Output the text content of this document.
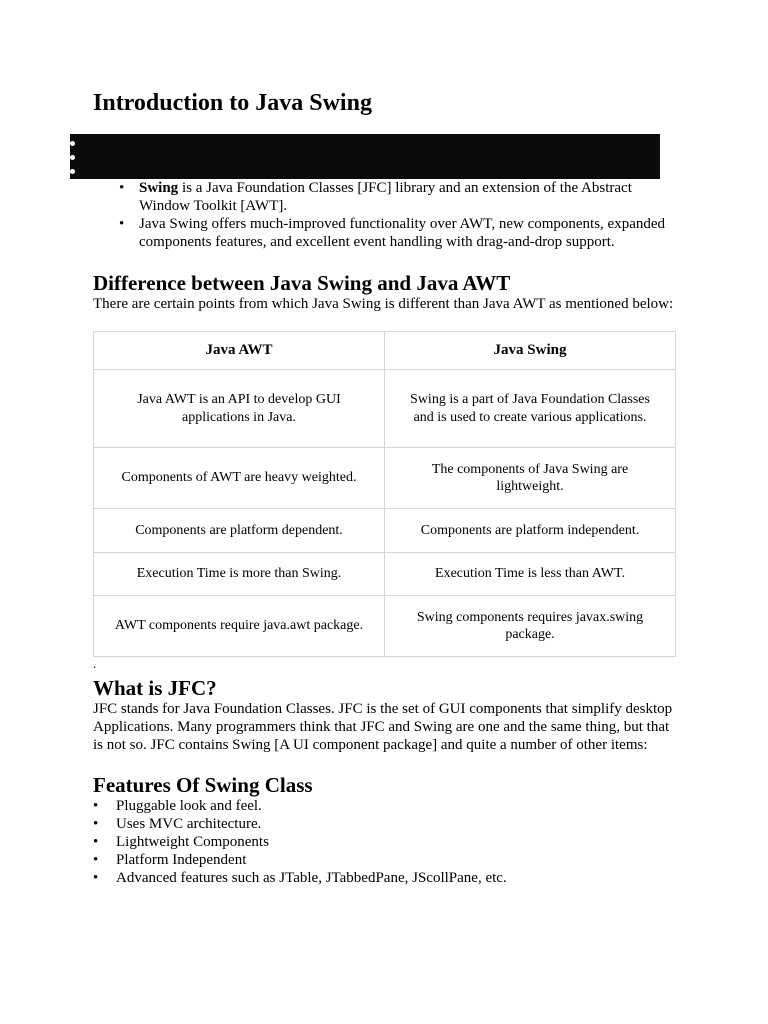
Introduction to Java Swing
• Swing is a Java Foundation Classes [JFC] library and an extension of the Abstract Window Toolkit [AWT].
• Java Swing offers much-improved functionality over AWT, new components, expanded components features, and excellent event handling with drag-and-drop support.
Difference between Java Swing and Java AWT

There are certain points from which Java Swing is different than Java AWT as mentioned below:

Java AWT	Java Swing
Java AWT is an API to develop GUI applications in Java.	Swing is a part of Java Foundation Classes and is used to create various applications.
Components of AWT are heavy weighted.	The components of Java Swing are lightweight.
Components are platform dependent.	Components are platform independent.
Execution Time is more than Swing.	Execution Time is less than AWT.
AWT components require java.awt package.	Swing components requires javax.swing package.
.
What is JFC?

JFC stands for Java Foundation Classes. JFC is the set of GUI components that simplify desktop Applications. Many programmers think that JFC and Swing are one and the same thing, but that is not so. JFC contains Swing [A UI component package] and quite a number of other items:

Features Of Swing Class
• Pluggable look and feel.
• Uses MVC architecture.
• Lightweight Components
• Platform Independent
• Advanced features such as JTable, JTabbedPane, JScollPane, etc.
